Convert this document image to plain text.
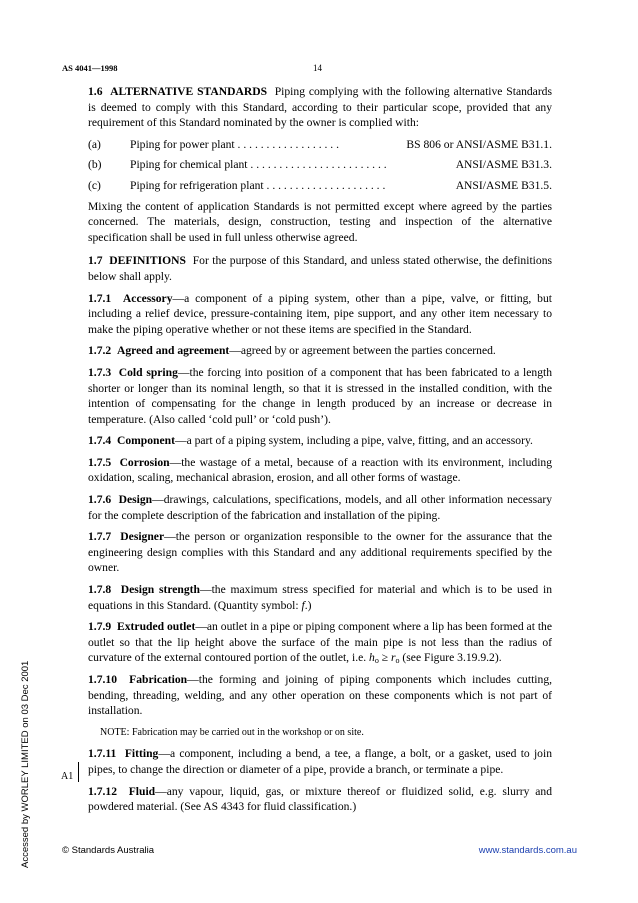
AS 4041—1998	14

1.6 ALTERNATIVE STANDARDS Piping complying with the following alternative Standards is deemed to comply with this Standard, according to their particular scope, provided that any requirement of this Standard nominated by the owner is complied with:

(a)	Piping for power plant . . . . . . . . . . . . . . . . . .	BS 806 or ANSI/ASME B31.1.
(b)	Piping for chemical plant . . . . . . . . . . . . . . . . . . . . . . . .	ANSI/ASME B31.3.
(c)	Piping for refrigeration plant . . . . . . . . . . . . . . . . . . . . .	ANSI/ASME B31.5.

Mixing the content of application Standards is not permitted except where agreed by the parties concerned. The materials, design, construction, testing and inspection of the alternative specification shall be used in full unless otherwise agreed.

1.7 DEFINITIONS For the purpose of this Standard, and unless stated otherwise, the definitions below shall apply.

1.7.1 Accessory—a component of a piping system, other than a pipe, valve, or fitting, but including a relief device, pressure-containing item, pipe support, and any other item necessary to make the piping operative whether or not these items are specified in the Standard.

1.7.2 Agreed and agreement—agreed by or agreement between the parties concerned.

1.7.3 Cold spring—the forcing into position of a component that has been fabricated to a length shorter or longer than its nominal length, so that it is stressed in the installed condition, with the intention of compensating for the change in length produced by an increase or decrease in temperature. (Also called ‘cold pull’ or ‘cold push’).

1.7.4 Component—a part of a piping system, including a pipe, valve, fitting, and an accessory.

1.7.5 Corrosion—the wastage of a metal, because of a reaction with its environment, including oxidation, scaling, mechanical abrasion, erosion, and all other forms of wastage.

1.7.6 Design—drawings, calculations, specifications, models, and all other information necessary for the complete description of the fabrication and installation of the piping.

1.7.7 Designer—the person or organization responsible to the owner for the assurance that the engineering design complies with this Standard and any additional requirements specified by the owner.

1.7.8 Design strength—the maximum stress specified for material and which is to be used in equations in this Standard. (Quantity symbol: f.)

1.7.9 Extruded outlet—an outlet in a pipe or piping component where a lip has been formed at the outlet so that the lip height above the surface of the main pipe is not less than the radius of curvature of the external contoured portion of the outlet, i.e. $h_o \ge r_o$ (see Figure 3.19.9.2).

1.7.10 Fabrication—the forming and joining of piping components which includes cutting, bending, threading, welding, and any other operation on these components which is not part of installation.

NOTE: Fabrication may be carried out in the workshop or on site.

1.7.11 Fitting—a component, including a bend, a tee, a flange, a bolt, or a gasket, used to join pipes, to change the direction or diameter of a pipe, provide a branch, or terminate a pipe.

1.7.12 Fluid—any vapour, liquid, gas, or mixture thereof or fluidized solid, e.g. slurry and powdered material. (See AS 4343 for fluid classification.)

A1
Accessed by WORLEY LIMITED on 03 Dec 2001	© Standards Australia	www.standards.com.au
